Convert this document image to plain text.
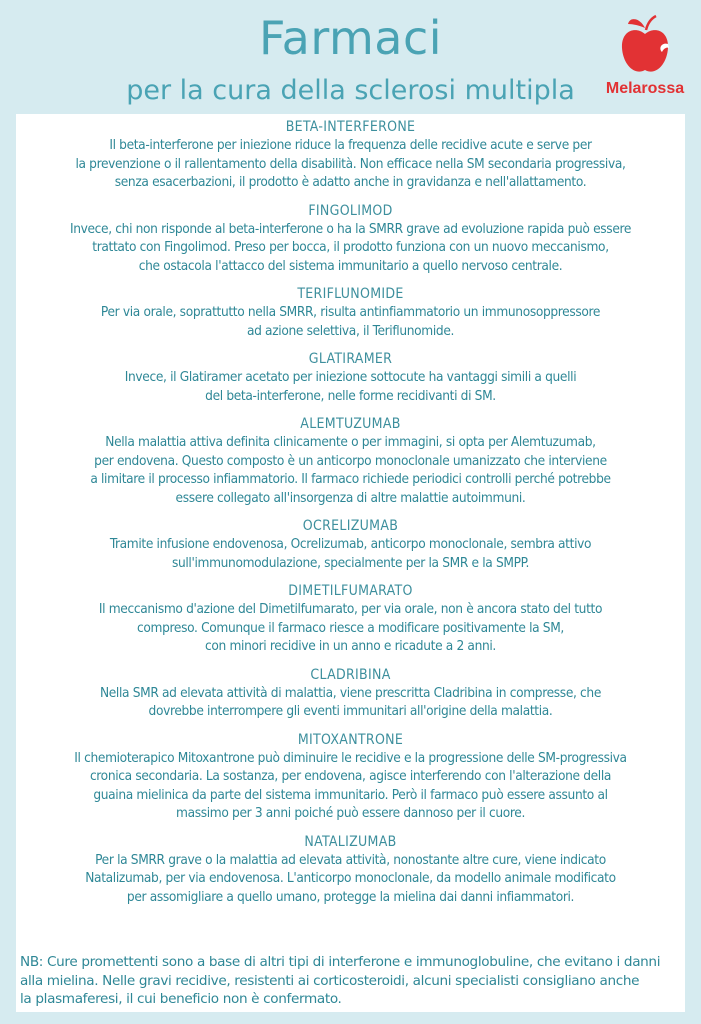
Farmaci
per la cura della sclerosi multipla	Melarossa
BETA-INTERFERONE
Il beta-interferone per iniezione riduce la frequenza delle recidive acute e serve per
la prevenzione o il rallentamento della disabilità. Non efficace nella SM secondaria progressiva,
senza esacerbazioni, il prodotto è adatto anche in gravidanza e nell'allattamento.
FINGOLIMOD
Invece, chi non risponde al beta-interferone o ha la SMRR grave ad evoluzione rapida può essere
trattato con Fingolimod. Preso per bocca, il prodotto funziona con un nuovo meccanismo,
che ostacola l'attacco del sistema immunitario a quello nervoso centrale.
TERIFLUNOMIDE
Per via orale, soprattutto nella SMRR, risulta antinfiammatorio un immunosoppressore
ad azione selettiva, il Teriflunomide.
GLATIRAMER
Invece, il Glatiramer acetato per iniezione sottocute ha vantaggi simili a quelli
del beta-interferone, nelle forme recidivanti di SM.
ALEMTUZUMAB
Nella malattia attiva definita clinicamente o per immagini, si opta per Alemtuzumab,
per endovena. Questo composto è un anticorpo monoclonale umanizzato che interviene
a limitare il processo infiammatorio. Il farmaco richiede periodici controlli perché potrebbe
essere collegato all'insorgenza di altre malattie autoimmuni.
OCRELIZUMAB
Tramite infusione endovenosa, Ocrelizumab, anticorpo monoclonale, sembra attivo
sull'immunomodulazione, specialmente per la SMR e la SMPP.
DIMETILFUMARATO
Il meccanismo d'azione del Dimetilfumarato, per via orale, non è ancora stato del tutto
compreso. Comunque il farmaco riesce a modificare positivamente la SM,
con minori recidive in un anno e ricadute a 2 anni.
CLADRIBINA
Nella SMR ad elevata attività di malattia, viene prescritta Cladribina in compresse, che
dovrebbe interrompere gli eventi immunitari all'origine della malattia.
MITOXANTRONE
Il chemioterapico Mitoxantrone può diminuire le recidive e la progressione delle SM-progressiva
cronica secondaria. La sostanza, per endovena, agisce interferendo con l'alterazione della
guaina mielinica da parte del sistema immunitario. Però il farmaco può essere assunto al
massimo per 3 anni poiché può essere dannoso per il cuore.
NATALIZUMAB
Per la SMRR grave o la malattia ad elevata attività, nonostante altre cure, viene indicato
Natalizumab, per via endovenosa. L'anticorpo monoclonale, da modello animale modificato
per assomigliare a quello umano, protegge la mielina dai danni infiammatori.
NB: Cure promettenti sono a base di altri tipi di interferone e immunoglobuline, che evitano i danni
alla mielina. Nelle gravi recidive, resistenti ai corticosteroidi, alcuni specialisti consigliano anche
la plasmaferesi, il cui beneficio non è confermato.
